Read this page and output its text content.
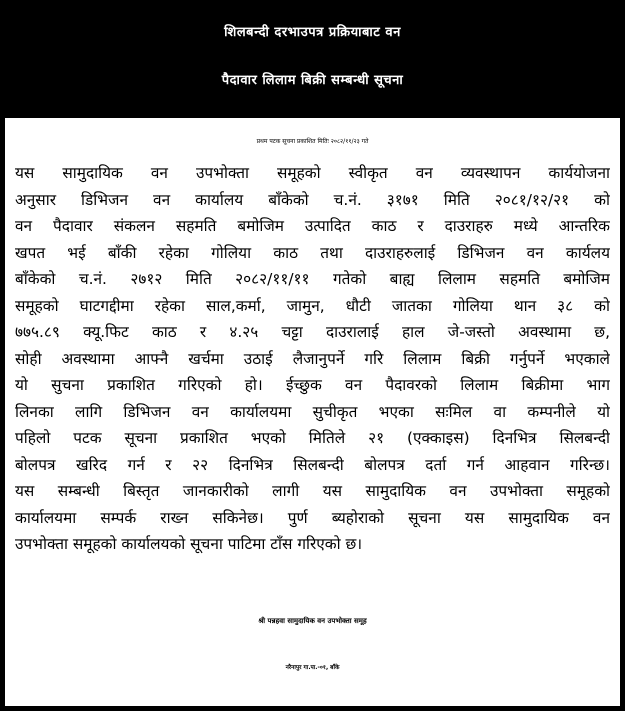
शिलबन्दी दरभाउपत्र प्रक्रियाबाट वन
पैदावार लिलाम बिक्री सम्बन्धी सूचना
प्रथम पटक सूचना प्रकाशित मितिः २०८२/११/२३ गते
यस सामुदायिक वन उपभोक्ता समूहको स्वीकृत वन व्यवस्थापन कार्ययोजना
अनुसार डिभिजन वन कार्यालय बाँकेको च.नं. ३१७१ मिति २०८१/१२/२१ को
वन पैदावार संकलन सहमति बमोजिम उत्पादित काठ र दाउराहरु मध्ये आन्तरिक
खपत भई बाँकी रहेका गोलिया काठ तथा दाउराहरुलाई डिभिजन वन कार्यलय
बाँकेको च.नं. २७१२ मिति २०८२/११/११ गतेको बाह्य लिलाम सहमति बमोजिम
समूहको घाटगद्दीमा रहेका साल,कर्मा, जामुन, धौटी जातका गोलिया थान ३८ को
७७५.८९ क्यू.फिट काठ र ४.२५ चट्टा दाउरालाई हाल जे-जस्तो अवस्थामा छ,
सोही अवस्थामा आफ्नै खर्चमा उठाई लैजानुपर्ने गरि लिलाम बिक्री गर्नुपर्ने भएकाले
यो सुचना प्रकाशित गरिएको हो। ईच्छुक वन पैदावरको लिलाम बिक्रीमा भाग
लिनका लागि डिभिजन वन कार्यालयमा सुचीकृत भएका सःमिल वा कम्पनीले यो
पहिलो पटक सूचना प्रकाशित भएको मितिले २१ (एक्काइस) दिनभित्र सिलबन्दी
बोलपत्र खरिद गर्न र २२ दिनभित्र सिलबन्दी बोलपत्र दर्ता गर्न आहवान गरिन्छ।
यस सम्बन्धी बिस्तृत जानकारीको लागी यस सामुदायिक वन उपभोक्ता समूहको
कार्यालयमा सम्पर्क राख्न सकिनेछ। पुर्ण ब्यहोराको सूचना यस सामुदायिक वन
उपभोक्ता समूहको कार्यालयको सूचना पाटिमा टाँस गरिएको छ।
श्री पन्नहवा सामुदायिक वन उपभोक्ता समूह
नरैनापुर गा.पा.-०१, बाँके
